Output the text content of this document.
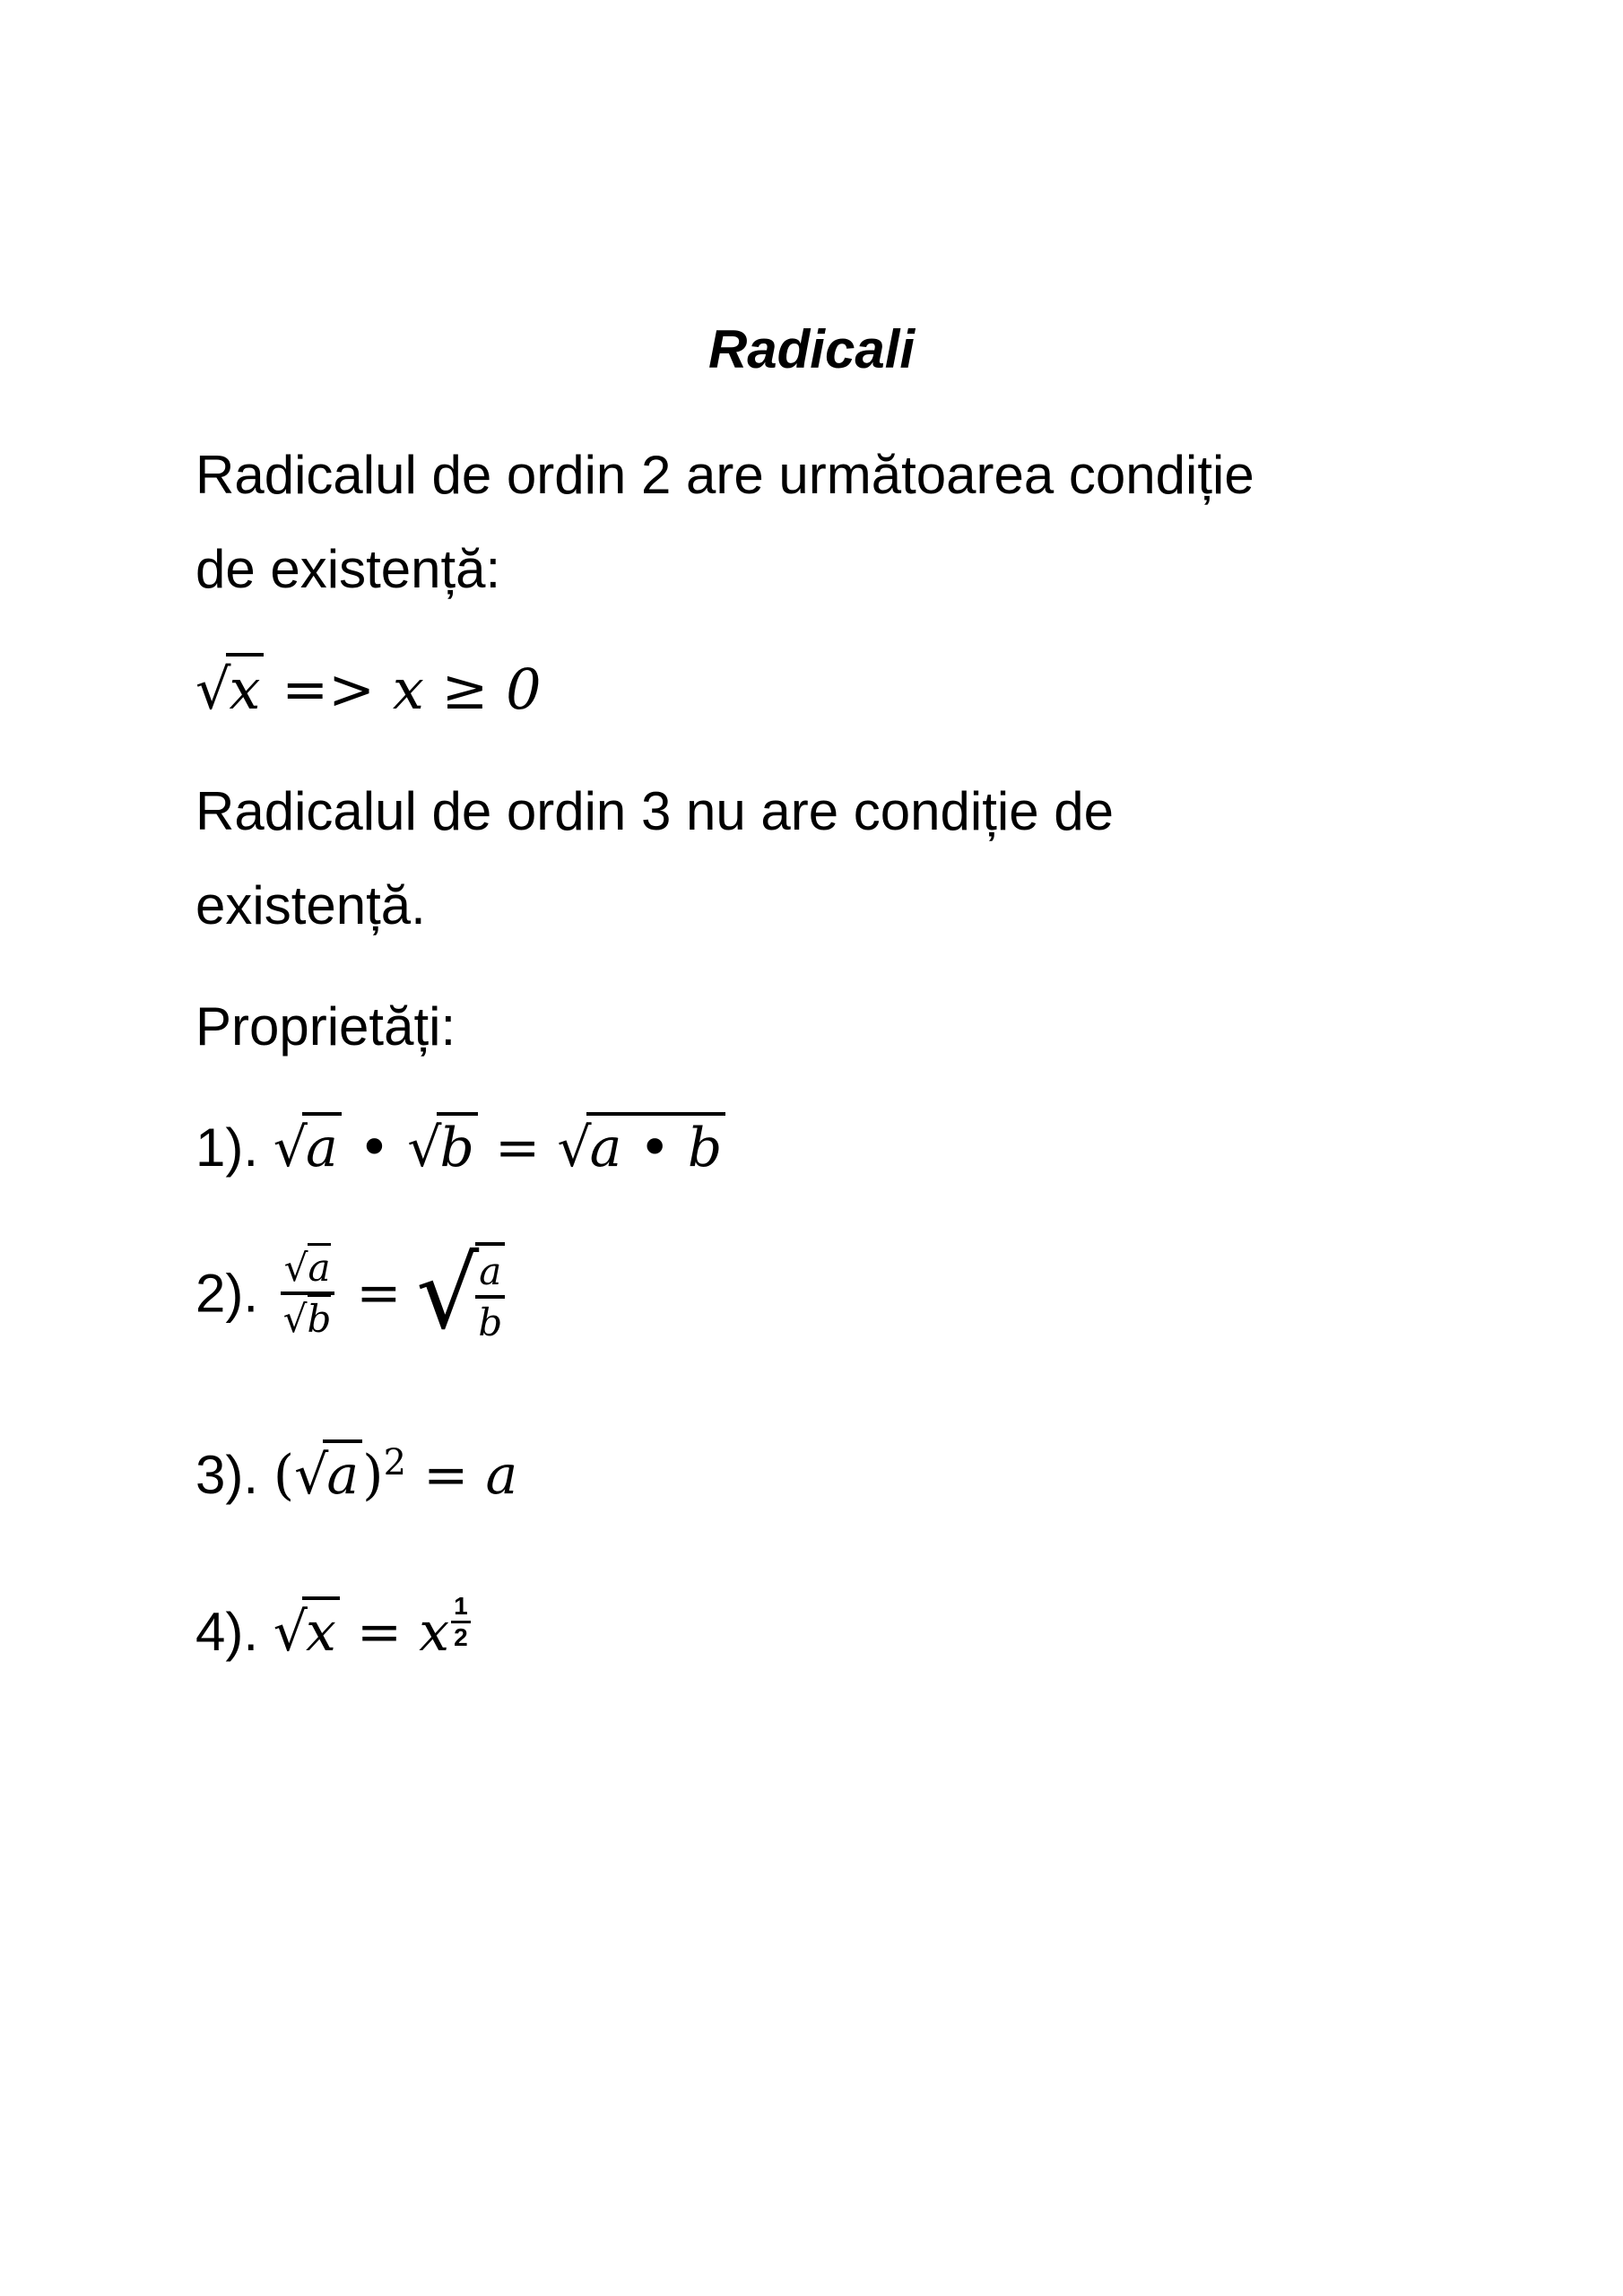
Radicali
Radicalul de ordin 2 are următoarea condiție
de existență:
√x => x ≥ 0
Radicalul de ordin 3 nu are condiție de
existență.
Proprietăți:
1). √a • √b = √a • b
2). $\frac{√a}{√b}$ = √
$\frac{a}{b}$
3). $(√a)^2 = a$
4). √x = x $\frac{1}{2}$
